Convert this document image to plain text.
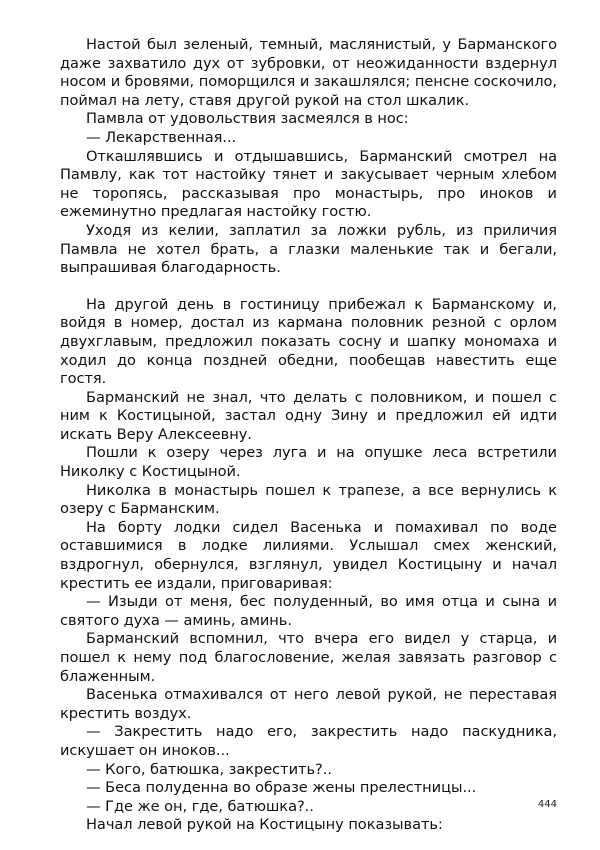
Настой был зеленый, темный, маслянистый, у Барманского даже захватило дух от зубровки, от неожиданности вздернул носом и бровями, поморщился и закашлялся; пенсне соскочило, поймал на лету, ставя другой рукой на стол шкалик.

Памвла от удовольствия засмеялся в нос:

— Лекарственная...

Откашлявшись и отдышавшись, Барманский смотрел на Памвлу, как тот настойку тянет и закусывает черным хлебом не торопясь, рассказывая про монастырь, про иноков и ежеминутно предлагая настойку гостю.

Уходя из келии, заплатил за ложки рубль, из приличия Памвла не хотел брать, а глазки маленькие так и бегали, выпрашивая благодарность.

На другой день в гостиницу прибежал к Барманскому и, войдя в номер, достал из кармана половник резной с орлом двухглавым, предложил показать сосну и шапку мономаха и ходил до конца поздней обедни, пообещав навестить еще гостя.

Барманский не знал, что делать с половником, и пошел с ним к Костицыной, застал одну Зину и предложил ей идти искать Веру Алексеевну.

Пошли к озеру через луга и на опушке леса встретили Николку с Костицыной.

Николка в монастырь пошел к трапезе, а все вернулись к озеру с Барманским.

На борту лодки сидел Васенька и помахивал по воде оставшимися в лодке лилиями. Услышал смех женский, вздрогнул, обернулся, взглянул, увидел Костицыну и начал крестить ее издали, приговаривая:

— Изыди от меня, бес полуденный, во имя отца и сына и святого духа — аминь, аминь.

Барманский вспомнил, что вчера его видел у старца, и пошел к нему под благословение, желая завязать разговор с блаженным.

Васенька отмахивался от него левой рукой, не переставая крестить воздух.

— Закрестить надо его, закрестить надо паскудника, искушает он иноков...

— Кого, батюшка, закрестить?..

— Беса полуденна во образе жены прелестницы...

— Где же он, где, батюшка?..

Начал левой рукой на Костицыну показывать:

444
